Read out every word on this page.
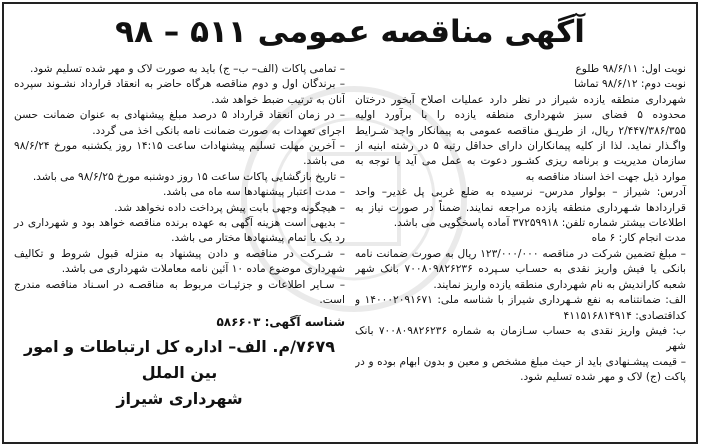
آگهی مناقصه عمومی ۵۱۱ – ۹۸

نوبت اول: ۹۸/۶/۱۱ طلوع

نوبت دوم: ۹۸/۶/۱۲ تماشا

شهرداری منطقه یازده شیراز در نظر دارد عملیات اصلاح آبخور درختان محدوده ۵ فضای سبز شهرداری منطقه یازده را با برآورد اولیه ۲/۴۴۷/۳۸۶/۳۵۵ ریال، از طریـق مناقصه عمومی به پیمانکار واجد شـرایط واگـذار نماید. لذا از کلیه پیمانکاران دارای حداقل رتبه ۵ در رشته ابنیه از سازمان مدیریت و برنامه ریزی کشـور دعوت به عمل می آید با توجه به موارد ذیل جهت اخذ اسناد مناقصه به

آدرس: شیراز – بولوار مدرس– نرسیده به ضلع غربی پل غدیر– واحد قراردادها شـهرداری منطقه یازده مراجعه نمایند. ضمناً در صورت نیاز به اطلاعات بیشتر شماره تلفن: ۳۷۲۵۹۹۱۸ آماده پاسخگویی می باشد.

مدت انجام کار: ۶ ماه

– مبلغ تضمین شرکت در مناقصه ۱۲۳/۰۰۰/۰۰۰ ریال به صورت ضمانت نامه بانکی یا فیش واریز نقدی به حسـاب سـپرده ۷۰۰۸۰۹۸۲۶۲۳۶ بانک شهر شعبه کارانديش به نام شهرداری منطقه یازده واریز نمایند.

الف: ضمانتنامه به نفع شـهرداری شیراز با شناسه ملی: ۱۴۰۰۰۲۰۹۱۶۷۱ و کداقتصادی: ۴۱۱۵۱۶۸۱۴۹۱۴

ب: فیش واریز نقدی به حساب سـازمان به شماره ۷۰۰۸۰۹۸۲۶۲۳۶ بانک شهر

– قیمت پیشـنهادی باید از حیث مبلغ مشخص و معین و بدون ابهام بوده و در پاکت (ج) لاک و مهر شده تسلیم شود.

– تمامی پاکات (الف– ب– ج) باید به صورت لاک و مهر شده تسلیم شود.

– برندگان اول و دوم مناقصه هرگاه حاضر به انعقاد قرارداد نشـوند سپرده آنان به ترتیب ضبط خواهد شد.

– در زمان انعقاد قرارداد ۵ درصد مبلغ پیشنهادی به عنوان ضمانت حسن اجرای تعهدات به صورت ضمانت نامه بانکی اخذ می گردد.

– آخرین مهلت تسلیم پیشنهادات ساعت ۱۴:۱۵ روز یکشنبه مورخ ۹۸/۶/۲۴ می باشد.

– تاریخ بازگشایی پاکات ساعت ۱۵ روز دوشنبه مورخ ۹۸/۶/۲۵ می باشد.

– مدت اعتبار پیشنهادها سه ماه می باشد.

– هیچگونه وجهی بابت پیش پرداخت داده نخواهد شد.

– بدیهی است هزینه آگهی به عهده برنده مناقصه خواهد بود و شهرداری در رد یک یا تمام پیشنهادها مختار می باشد.

– شـرکت در مناقصه و دادن پیشنهاد به منزله قبول شروط و تکالیف شهرداری موضوع ماده ۱۰ آئین نامه معاملات شهرداری می باشد.

– سـایر اطلاعات و جزئیـات مربوط به مناقصـه در اسـناد مناقصه مندرج است.

شناسه آگهی: ۵۸۶۶۰۳
۷۶۷۹/م. الف– اداره کل ارتباطات و امور بین الملل
شهرداری شیراز
